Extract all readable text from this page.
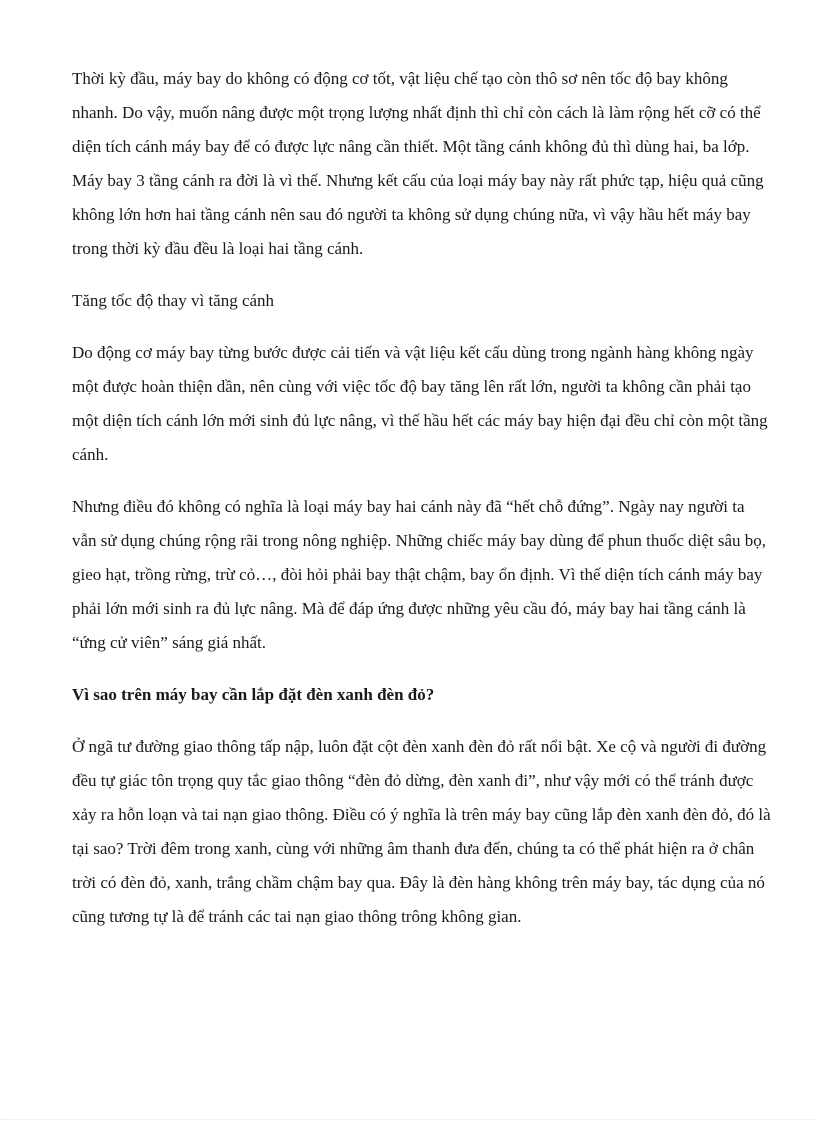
Thời kỳ đầu, máy bay do không có động cơ tốt, vật liệu chế tạo còn thô sơ nên tốc độ bay không nhanh. Do vậy, muốn nâng được một trọng lượng nhất định thì chỉ còn cách là làm rộng hết cỡ có thể diện tích cánh máy bay để có được lực nâng cần thiết. Một tầng cánh không đủ thì dùng hai, ba lớp. Máy bay 3 tầng cánh ra đời là vì thế. Nhưng kết cấu của loại máy bay này rất phức tạp, hiệu quả cũng không lớn hơn hai tầng cánh nên sau đó người ta không sử dụng chúng nữa, vì vậy hầu hết máy bay trong thời kỳ đầu đều là loại hai tầng cánh.

Tăng tốc độ thay vì tăng cánh

Do động cơ máy bay từng bước được cải tiến và vật liệu kết cấu dùng trong ngành hàng không ngày một được hoàn thiện dần, nên cùng với việc tốc độ bay tăng lên rất lớn, người ta không cần phải tạo một diện tích cánh lớn mới sinh đủ lực nâng, vì thế hầu hết các máy bay hiện đại đều chỉ còn một tầng cánh.

Nhưng điều đó không có nghĩa là loại máy bay hai cánh này đã “hết chỗ đứng”. Ngày nay người ta vẫn sử dụng chúng rộng rãi trong nông nghiệp. Những chiếc máy bay dùng để phun thuốc diệt sâu bọ, gieo hạt, trồng rừng, trừ cỏ…, đòi hỏi phải bay thật chậm, bay ổn định. Vì thế diện tích cánh máy bay phải lớn mới sinh ra đủ lực nâng. Mà để đáp ứng được những yêu cầu đó, máy bay hai tầng cánh là “ứng cử viên” sáng giá nhất.

Vì sao trên máy bay cần lắp đặt đèn xanh đèn đỏ?

Ở ngã tư đường giao thông tấp nập, luôn đặt cột đèn xanh đèn đỏ rất nổi bật. Xe cộ và người đi đường đều tự giác tôn trọng quy tắc giao thông “đèn đỏ dừng, đèn xanh đi”, như vậy mới có thể tránh được xảy ra hỗn loạn và tai nạn giao thông. Điều có ý nghĩa là trên máy bay cũng lắp đèn xanh đèn đỏ, đó là tại sao? Trời đêm trong xanh, cùng với những âm thanh đưa đến, chúng ta có thể phát hiện ra ở chân trời có đèn đỏ, xanh, trắng chầm chậm bay qua. Đây là đèn hàng không trên máy bay, tác dụng của nó cũng tương tự là để tránh các tai nạn giao thông trông không gian.
